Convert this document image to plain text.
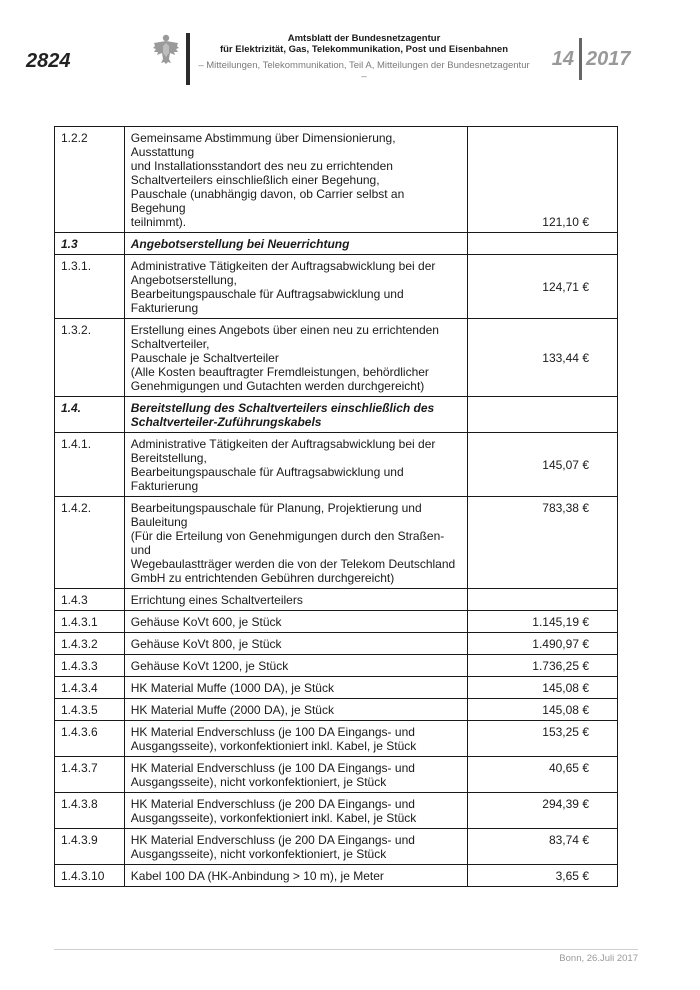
2824
Amtsblatt der Bundesnetzagentur
für Elektrizität, Gas, Telekommunikation, Post und Eisenbahnen
– Mitteilungen, Telekommunikation, Teil A, Mitteilungen der Bundesnetzagentur –
14 2017
1.2.2	Gemeinsame Abstimmung über Dimensionierung, Ausstattung
und Installationsstandort des neu zu errichtenden
Schaltverteilers einschließlich einer Begehung,
Pauschale (unabhängig davon, ob Carrier selbst an Begehung
teilnimmt).	121,10 €
1.3	Angebotserstellung bei Neuerrichtung	

1.3.1.	Administrative Tätigkeiten der Auftragsabwicklung bei der
Angebotserstellung,
Bearbeitungspauschale für Auftragsabwicklung und
Fakturierung	124,71 €
1.3.2.	Erstellung eines Angebots über einen neu zu errichtenden
Schaltverteiler,
Pauschale je Schaltverteiler
(Alle Kosten beauftragter Fremdleistungen, behördlicher
Genehmigungen und Gutachten werden durchgereicht)	133,44 €
1.4.	Bereitstellung des Schaltverteilers einschließlich des
Schaltverteiler-Zuführungskabels	

1.4.1.	Administrative Tätigkeiten der Auftragsabwicklung bei der
Bereitstellung,
Bearbeitungspauschale für Auftragsabwicklung und
Fakturierung	145,07 €
1.4.2.	Bearbeitungspauschale für Planung, Projektierung und
Bauleitung
(Für die Erteilung von Genehmigungen durch den Straßen- und
Wegebaulastträger werden die von der Telekom Deutschland
GmbH zu entrichtenden Gebühren durchgereicht)	783,38 €
1.4.3	Errichtung eines Schaltverteilers	

1.4.3.1	Gehäuse KoVt 600, je Stück	1.145,19 €
1.4.3.2	Gehäuse KoVt 800, je Stück	1.490,97 €
1.4.3.3	Gehäuse KoVt 1200, je Stück	1.736,25 €
1.4.3.4	HK Material Muffe (1000 DA), je Stück	145,08 €
1.4.3.5	HK Material Muffe (2000 DA), je Stück	145,08 €
1.4.3.6	HK Material Endverschluss (je 100 DA Eingangs- und
Ausgangsseite), vorkonfektioniert inkl. Kabel, je Stück	153,25 €
1.4.3.7	HK Material Endverschluss (je 100 DA Eingangs- und
Ausgangsseite), nicht vorkonfektioniert, je Stück	40,65 €
1.4.3.8	HK Material Endverschluss (je 200 DA Eingangs- und
Ausgangsseite), vorkonfektioniert inkl. Kabel, je Stück	294,39 €
1.4.3.9	HK Material Endverschluss (je 200 DA Eingangs- und
Ausgangsseite), nicht vorkonfektioniert, je Stück	83,74 €
1.4.3.10	Kabel 100 DA (HK-Anbindung > 10 m), je Meter	3,65 €
Bonn, 26.Juli 2017
